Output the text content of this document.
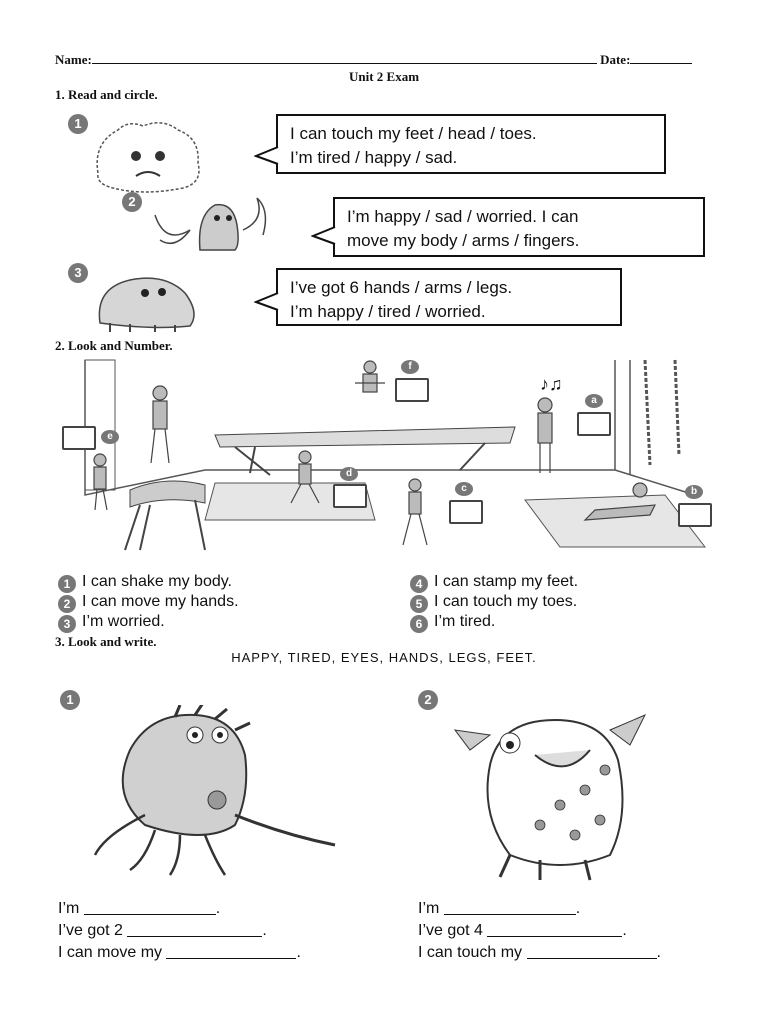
Name:	Date:
Unit 2 Exam
1. Read and circle.
1
I can touch my feet / head / toes.
I’m tired / happy / sad.
2
I’m happy / sad / worried. I can
move my body / arms / fingers.
3
I’ve got 6 hands / arms / legs.
I’m happy / tired / worried.
2. Look and Number.
f
♪♫
a
e
d
c	b
1 I can shake my body.
2 I can move my hands.
3 I’m worried.
4 I can stamp my feet.
5 I can touch my toes.
6 I’m tired.
3. Look and write.
HAPPY, TIRED, EYES, HANDS, LEGS, FEET.
1	2
I’m	.
I’ve got 2	.
I can move my	.
I’m	.
I’ve got 4	.
I can touch my	.
